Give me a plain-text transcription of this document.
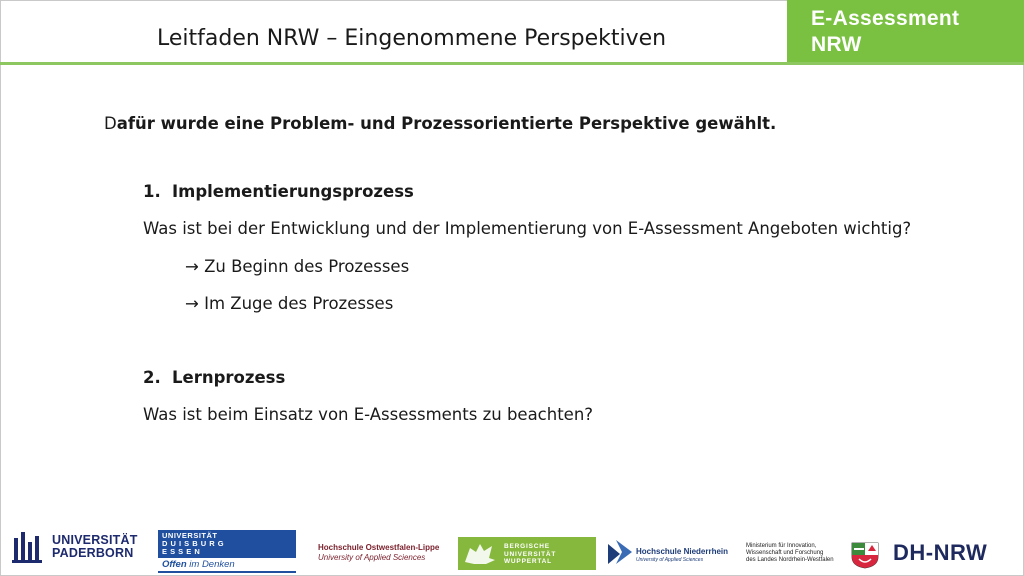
Leitfaden NRW – Eingenommene Perspektiven
E-Assessment
NRW
Dafür wurde eine Problem- und Prozessorientierte Perspektive gewählt.
1. Implementierungsprozess
Was ist bei der Entwicklung und der Implementierung von E-Assessment Angeboten wichtig?
→ Zu Beginn des Prozesses
→ Im Zuge des Prozesses
2. Lernprozess
Was ist beim Einsatz von E-Assessments zu beachten?
UNIVERSITÄT
PADERBORN
UNIVERSITÄT
D U I S B U R G
E S S E N
Offen im Denken
Hochschule Ostwestfalen-Lippe
University of Applied Sciences
BERGISCHE
UNIVERSITÄT
WUPPERTAL
Hochschule Niederrhein
University of Applied Sciences
Ministerium für Innovation,
Wissenschaft und Forschung
des Landes Nordrhein-Westfalen	DH-NRW
